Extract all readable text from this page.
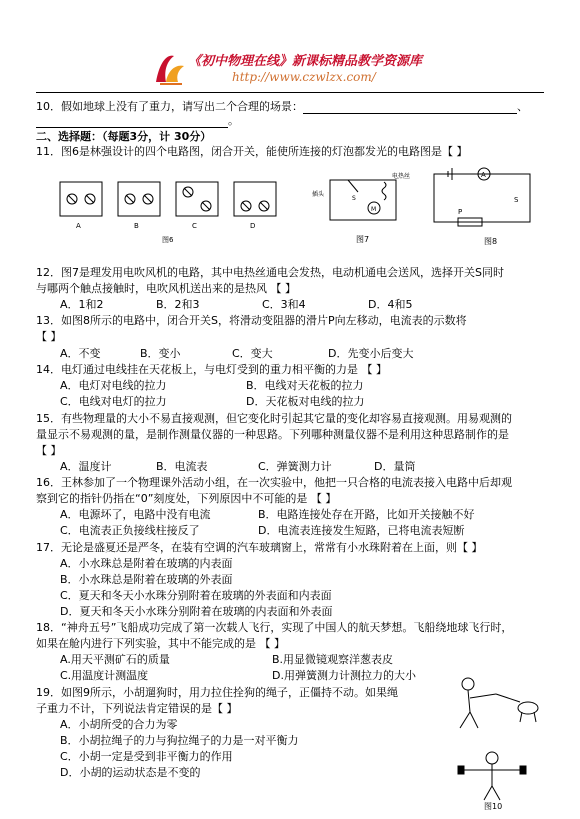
《初中物理在线》新课标精品教学资源库
http://www.czwlzx.com/
10．假如地球上没有了重力，请写出二个合理的场景：	、
。
二、选择题：（每题3分，计 30分）
11．图6是林强设计的四个电路图，闭合开关，能使所连接的灯泡都发光的电路图是【 】
A	B	C	D
图6
插头
电热丝
S
M
图7
A
S
P
图8
12．图7是理发用电吹风机的电路，其中电热丝通电会发热，电动机通电会送风，选择开关S同时
与哪两个触点接触时，电吹风机送出来的是热风 【 】
A．1和2	B．2和3	C．3和4	D．4和5
13．如图8所示的电路中，闭合开关S，将滑动变阻器的滑片P向左移动，电流表的示数将
【 】
A．不变	B．变小	C．变大	D．先变小后变大
14．电灯通过电线挂在天花板上，与电灯受到的重力相平衡的力是 【 】
A．电灯对电线的拉力	B．电线对天花板的拉力
C．电线对电灯的拉力	D．天花板对电线的拉力
15．有些物理量的大小不易直接观测，但它变化时引起其它量的变化却容易直接观测。用易观测的
量显示不易观测的量，是制作测量仪器的一种思路。下列哪种测量仪器不是利用这种思路制作的是
【 】
A．温度计	B．电流表	C．弹簧测力计	D．量筒
16．王林参加了一个物理课外活动小组，在一次实验中，他把一只合格的电流表接入电路中后却观
察到它的指针仍指在“0”刻度处，下列原因中不可能的是 【 】
A．电源坏了，电路中没有电流	B．电路连接处存在开路，比如开关接触不好
C．电流表正负接线柱接反了	D．电流表连接发生短路，已将电流表短断
17．无论是盛夏还是严冬，在装有空调的汽车玻璃窗上，常常有小水珠附着在上面，则【 】
A．小水珠总是附着在玻璃的内表面
B．小水珠总是附着在玻璃的外表面
C．夏天和冬天小水珠分别附着在玻璃的外表面和内表面
D．夏天和冬天小水珠分别附着在玻璃的内表面和外表面
18．“神舟五号”飞船成功完成了第一次载人飞行，实现了中国人的航天梦想。飞船绕地球飞行时，
如果在舱内进行下列实验，其中不能完成的是 【 】
A.用天平测矿石的质量	B.用显微镜观察洋葱表皮
C.用温度计测温度	D.用弹簧测力计测拉力的大小
19．如图9所示，小胡遛狗时，用力拉住拴狗的绳子，正僵持不动。如果绳
子重力不计，下列说法肯定错误的是【 】
A．小胡所受的合力为零
B．小胡拉绳子的力与狗拉绳子的力是一对平衡力
C．小胡一定是受到非平衡力的作用
D．小胡的运动状态是不变的
图10
